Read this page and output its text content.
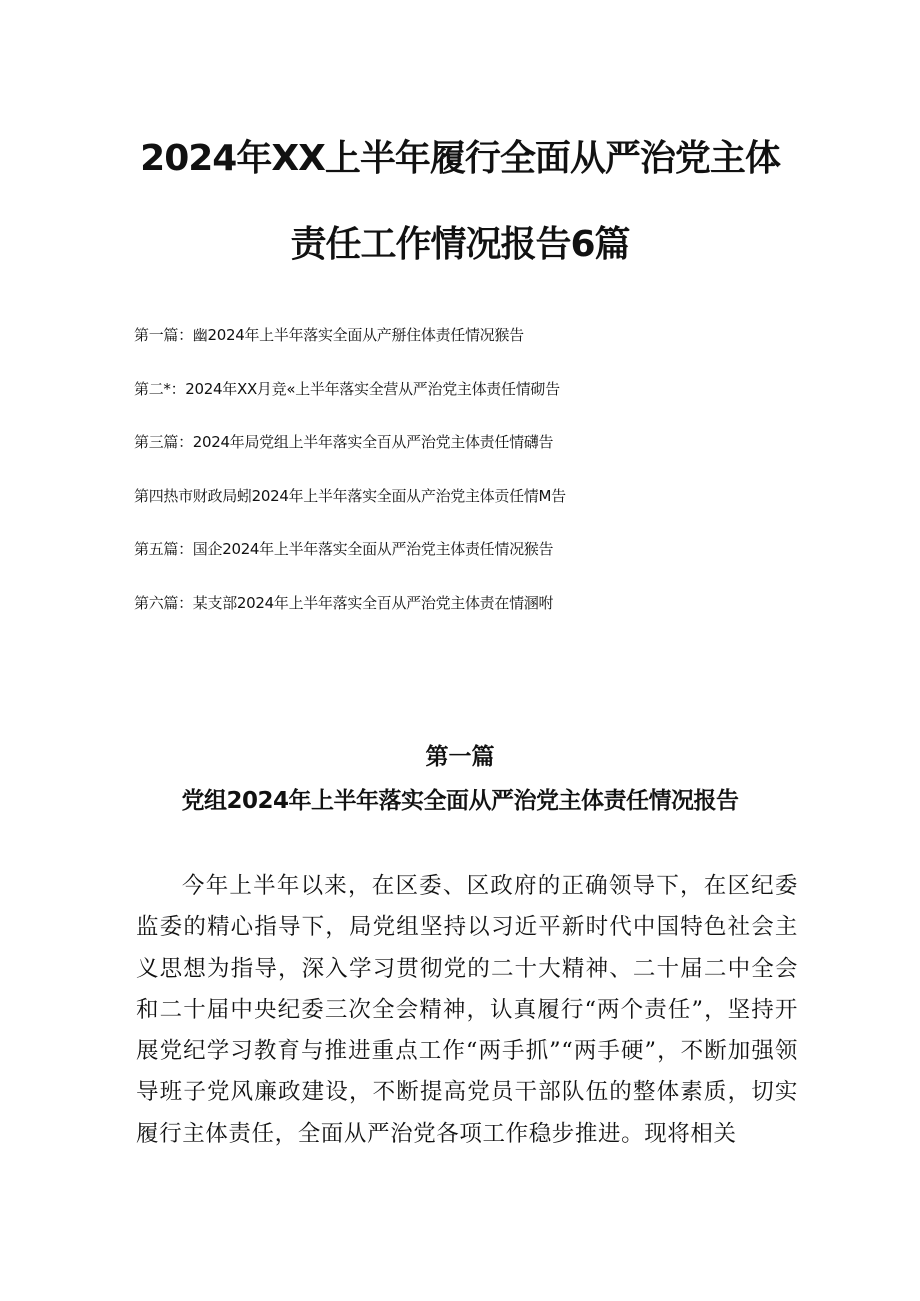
2024年XX上半年履行全面从严治党主体
责任工作情况报告6篇
第一篇：幽2024年上半年落实全面从产掰住体责任情况猴告
第二*：2024年XX月竞«上半年落实全营从严治党主体责任情砌告
第三篇：2024年局党组上半年落实全百从严治党主体责任情礴告
第四热市财政局蚓2024年上半年落实全面从产治党主体贡任情M告
第五篇：国企2024年上半年落实全面从严治党主体责任情况猴告
第六篇：某支部2024年上半年落实全百从严治党主体责在情溷咐
第一篇
党组2024年上半年落实全面从严治党主体责任情况报告

今年上半年以来，在区委、区政府的正确领导下，在区纪委监委的精心指导下，局党组坚持以习近平新时代中国特色社会主义思想为指导，深入学习贯彻党的二十大精神、二十届二中全会和二十届中央纪委三次全会精神，认真履行“两个责任”，坚持开展党纪学习教育与推进重点工作“两手抓”“两手硬”，不断加强领导班子党风廉政建设，不断提高党员干部队伍的整体素质，切实履行主体责任，全面从严治党各项工作稳步推进。现将相关
